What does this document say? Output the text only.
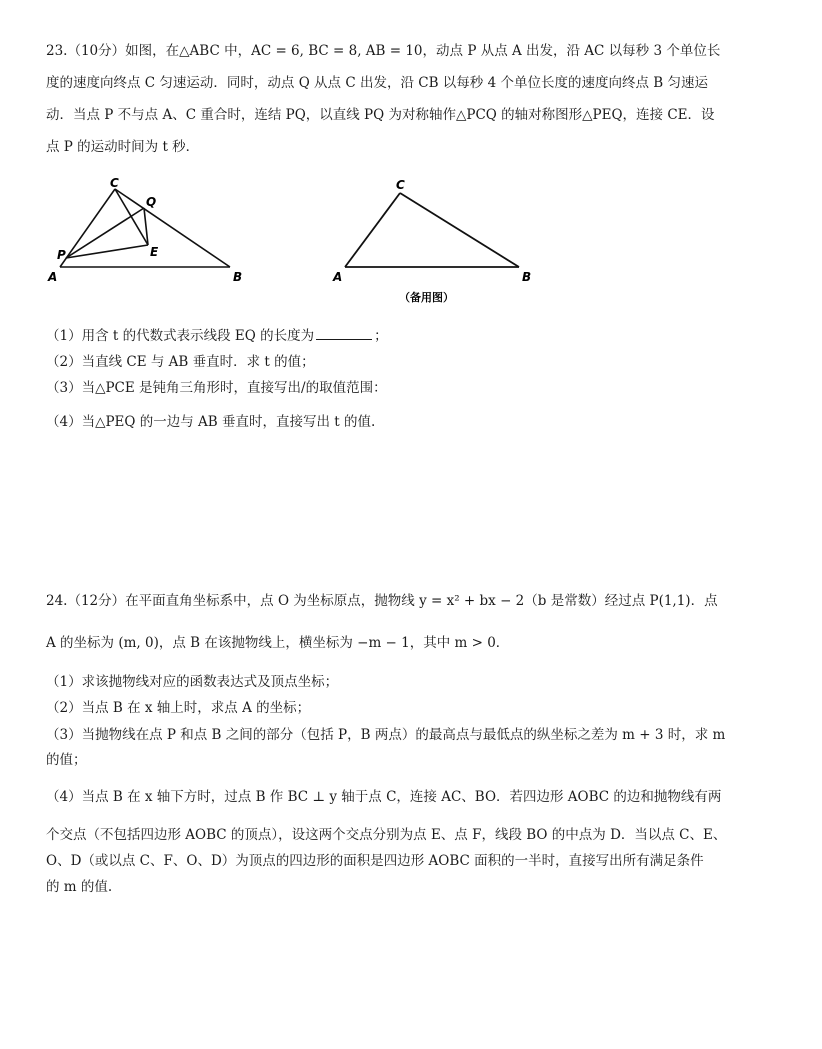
23.（10分）如图，在△ABC 中，AC = 6, BC = 8, AB = 10，动点 P 从点 A 出发，沿 AC 以每秒 3 个单位长
度的速度向终点 C 匀速运动．同时，动点 Q 从点 C 出发，沿 CB 以每秒 4 个单位长度的速度向终点 B 匀速运
动．当点 P 不与点 A、C 重合时，连结 PQ，以直线 PQ 为对称轴作△PCQ 的轴对称图形△PEQ，连接 CE．设
点 P 的运动时间为 t 秒．
C
Q
E
P
A	B
C
A	B
（备用图）
（1）用含 t 的代数式表示线段 EQ 的长度为	；
（2）当直线 CE 与 AB 垂直时．求 t 的值；
（3）当△PCE 是钝角三角形时，直接写出/的取值范围：
（4）当△PEQ 的一边与 AB 垂直时，直接写出 t 的值.
24.（12分）在平面直角坐标系中，点 O 为坐标原点，抛物线 y = x² + bx − 2（b 是常数）经过点 P(1,1)．点
A 的坐标为 (m, 0)，点 B 在该抛物线上，横坐标为 −m − 1，其中 m > 0．
（1）求该抛物线对应的函数表达式及顶点坐标；
（2）当点 B 在 x 轴上时，求点 A 的坐标；
（3）当抛物线在点 P 和点 B 之间的部分（包括 P，B 两点）的最高点与最低点的纵坐标之差为 m + 3 时，求 m
的值；
（4）当点 B 在 x 轴下方时，过点 B 作 BC ⊥ y 轴于点 C，连接 AC、BO．若四边形 AOBC 的边和抛物线有两
个交点（不包括四边形 AOBC 的顶点），设这两个交点分别为点 E、点 F，线段 BO 的中点为 D．当以点 C、E、
O、D（或以点 C、F、O、D）为顶点的四边形的面积是四边形 AOBC 面积的一半时，直接写出所有满足条件
的 m 的值.
